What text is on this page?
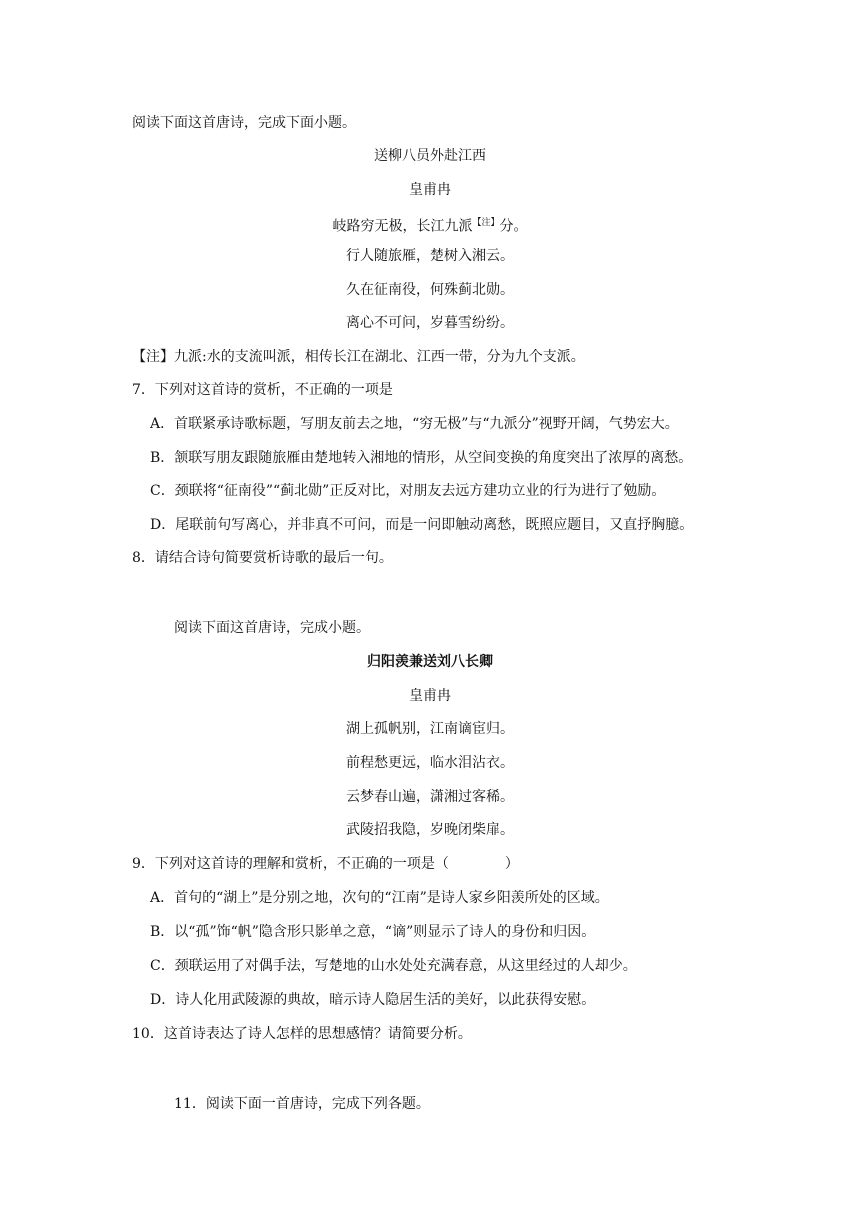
阅读下面这首唐诗，完成下面小题。
送柳八员外赴江西
皇甫冉
岐路穷无极，长江九派$^{【注】}$分。
行人随旅雁，楚树入湘云。
久在征南役，何殊蓟北勋。
离心不可问，岁暮雪纷纷。
【注】九派:水的支流叫派，相传长江在湖北、江西一带，分为九个支派。
7．下列对这首诗的赏析，不正确的一项是
A．首联紧承诗歌标题，写朋友前去之地，“穷无极”与“九派分”视野开阔，气势宏大。
B．颔联写朋友跟随旅雁由楚地转入湘地的情形，从空间变换的角度突出了浓厚的离愁。
C．颈联将“征南役”“蓟北勋”正反对比，对朋友去远方建功立业的行为进行了勉励。
D．尾联前句写离心，并非真不可问，而是一问即触动离愁，既照应题目，又直抒胸臆。
8．请结合诗句简要赏析诗歌的最后一句。
阅读下面这首唐诗，完成小题。
归阳羡兼送刘八长卿
皇甫冉
湖上孤帆别，江南谪宦归。
前程愁更远，临水泪沾衣。
云梦春山遍，潇湘过客稀。
武陵招我隐，岁晚闭柴扉。
9．下列对这首诗的理解和赏析，不正确的一项是（　　　　）
A．首句的“湖上”是分别之地，次句的“江南”是诗人家乡阳羡所处的区域。
B．以“孤”饰“帆”隐含形只影单之意，“谪”则显示了诗人的身份和归因。
C．颈联运用了对偶手法，写楚地的山水处处充满春意，从这里经过的人却少。
D．诗人化用武陵源的典故，暗示诗人隐居生活的美好，以此获得安慰。
10．这首诗表达了诗人怎样的思想感情？请简要分析。
11．阅读下面一首唐诗，完成下列各题。
